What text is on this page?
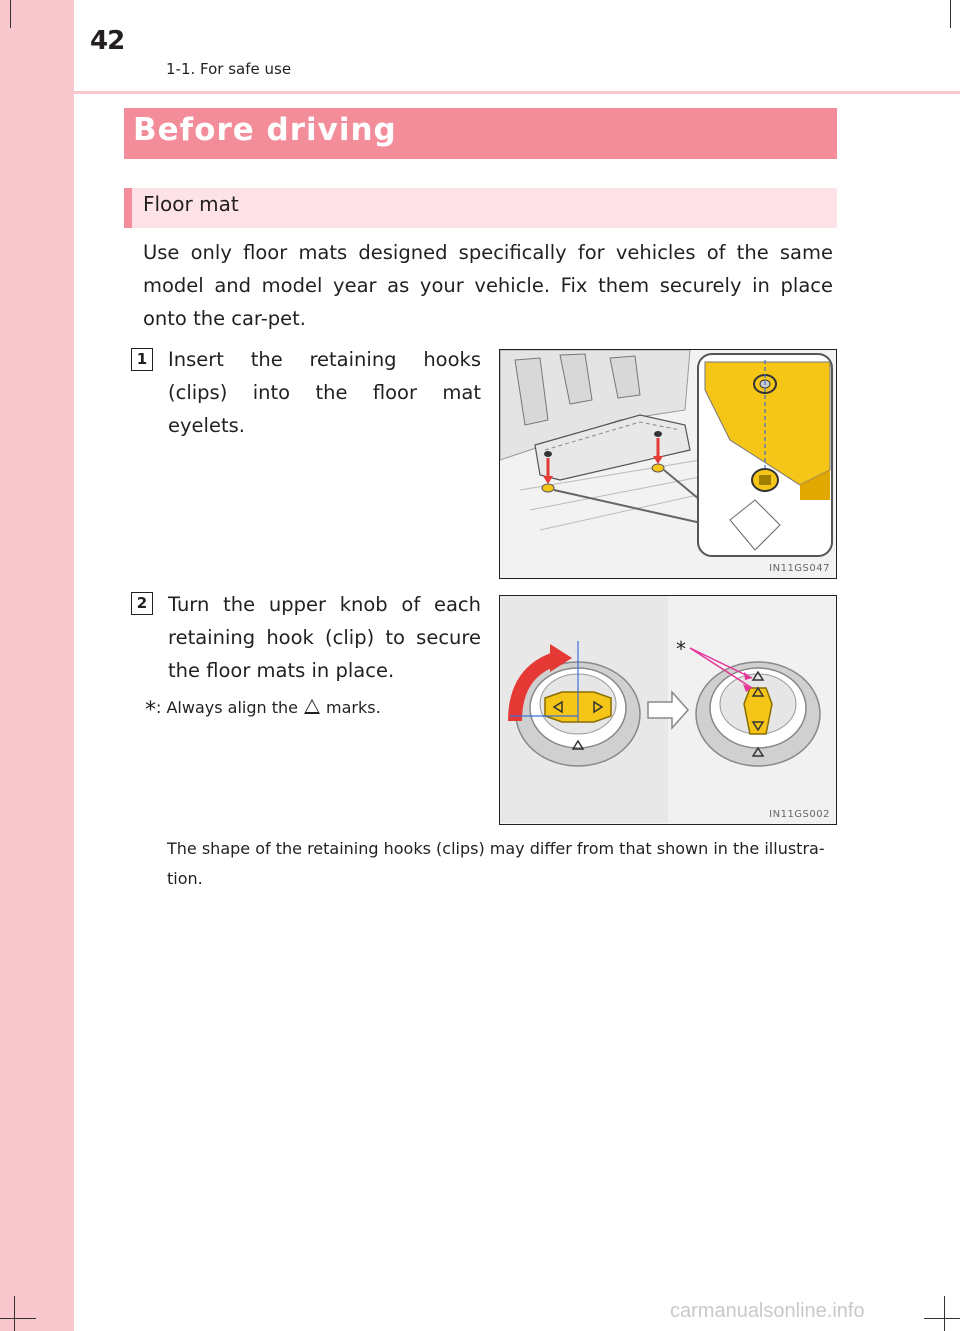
42
1-1. For safe use
Before driving
Floor mat
Use only floor mats designed specifically for vehicles of the same model and model year as your vehicle. Fix them securely in place onto the car-pet.
1 Insert the retaining hooks (clips) into the floor mat eyelets.
IN11GS047
2 Turn the upper knob of each retaining hook (clip) to secure the floor mats in place.
*: Always align the marks.
*
IN11GS002
The shape of the retaining hooks (clips) may differ from that shown in the illustra-tion.
carmanualsonline.info
